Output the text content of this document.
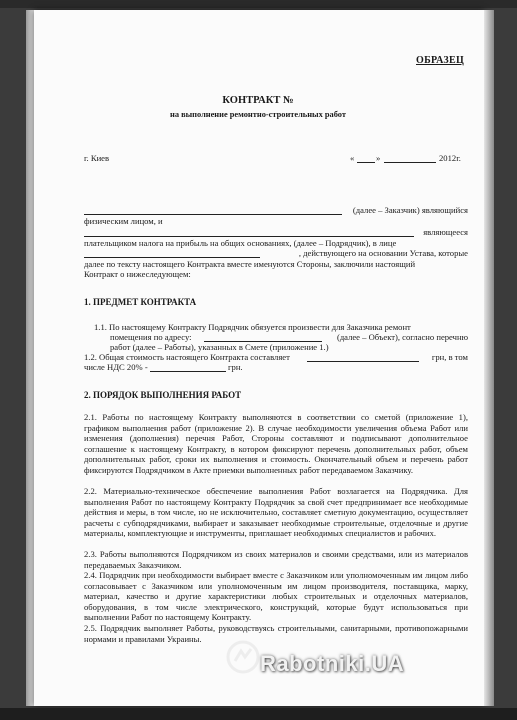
ОБРАЗЕЦ
КОНТРАКТ №
на выполнение ремонтно-строительных работ
г. Киев	«	»	2012г.
(далее – Заказчик) являющийся
физическим лицом, и
являющееся
плательщиком налога на прибыль на общих основаниях, (далее – Подрядчик), в лице
, действующего на основании Устава, которые
далее по тексту настоящего Контракта вместе именуются Стороны, заключили настоящий
Контракт о нижеследующем:
1. ПРЕДМЕТ КОНТРАКТА
1.1. По настоящему Контракту Подрядчик обязуется произвести для Заказчика ремонт
помещения по адресу:	(далее – Объект), согласно перечню
работ (далее – Работы), указанных в Смете (приложение 1.)
1.2. Общая стоимость настоящего Контракта составляет	грн, в том
числе НДС 20% -	грн.
2. ПОРЯДОК ВЫПОЛНЕНИЯ РАБОТ
2.1. Работы по настоящему Контракту выполняются в соответствии со сметой (приложение 1), графиком выполнения работ (приложение 2). В случае необходимости увеличения объема Работ или изменения (дополнения) перечня Работ, Стороны составляют и подписывают дополнительное соглашение к настоящему Контракту, в котором фиксируют перечень дополнительных работ, объем дополнительных работ, сроки их выполнения и стоимость. Окончательный объем и перечень работ фиксируются Подрядчиком в Акте приемки выполненных работ передаваемом Заказчику.
2.2. Материально-техническое обеспечение выполнения Работ возлагается на Подрядчика. Для выполнения Работ по настоящему Контракту Подрядчик за свой счет предпринимает все необходимые действия и меры, в том числе, но не исключительно, составляет сметную документацию, осуществляет расчеты с субподрядчиками, выбирает и заказывает необходимые строительные, отделочные и другие материалы, комплектующие и инструменты, приглашает необходимых специалистов и рабочих.
2.3. Работы выполняются Подрядчиком из своих материалов и своими средствами, или из материалов передаваемых Заказчиком.
2.4. Подрядчик при необходимости выбирает вместе с Заказчиком или уполномоченным им лицом либо согласовывает с Заказчиком или уполномоченным им лицом производителя, поставщика, марку, материал, качество и другие характеристики любых строительных и отделочных материалов, оборудования, в том числе электрического, конструкций, которые будут использоваться при выполнении Работ по настоящему Контракту.
2.5. Подрядчик выполняет Работы, руководствуясь строительными, санитарными, противопожарными нормами и правилами Украины.
Rabotniki.UA
